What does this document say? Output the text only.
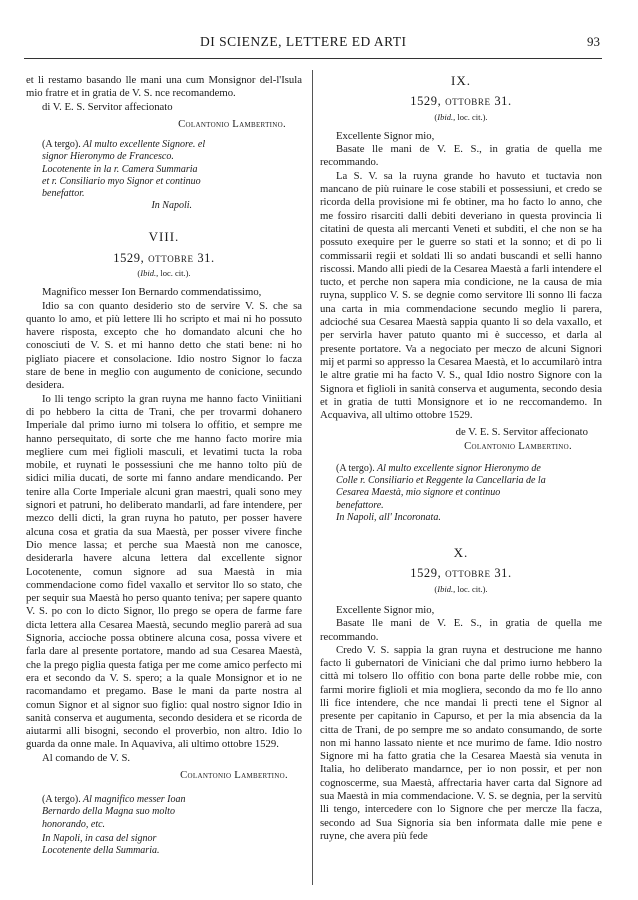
DI SCIENZE, LETTERE ED ARTI	93

et li restamo basando lle mani una cum Monsignor del-l'Isula mio fratre et in gratia de V. S. nce recomandemo.

di V. E. S. Servitor affecionato

Colantonio Lambertino.

(A tergo). Al multo excellente Signore. el signor Hieronymo de Francesco. Locotenente in la r. Camera Summaria et r. Consiliario myo Signor et continuo benefattor.
In Napoli.
VIII.
1529, ottobre 31.
(Ibid., loc. cit.).

Magnifico messer Ion Bernardo commendatissimo,

Idio sa con quanto desiderio sto de servire V. S. che sa quanto lo amo, et più lettere lli ho scripto et mai ni ho possuto havere risposta, excepto che ho domandato alcuni che ho conosciuti de V. S. et mi hanno detto che stati bene: ni ho pigliato piacere et consolacione. Idio nostro Signor lo facza stare de bene in meglio con augumento de conicione, secundo desidera.

Io lli tengo scripto la gran ruyna me hanno facto Viniitiani di po hebbero la citta de Trani, che per trovarmi dohanero Imperiale dal primo iurno mi tolsera lo offitio, et sempre me hanno persequitato, di sorte che me hanno facto morire mia megliere cum mei figlioli masculi, et levatimi tucta la roba mobile, et ruynati le possessiuni che me hanno tolto più de sidici milia ducati, de sorte mi fanno andare mendicando. Per tenire alla Corte Imperiale alcuni gran maestri, quali sono mey signori et patruni, ho deliberato mandarli, ad fare intendere, per mezco delli dicti, la gran ruyna ho patuto, per posser havere alcuna cosa et gratia da sua Maestà, per posser vivere finche Dio mence lassa; et perche sua Maestà non me canosce, desiderarla havere alcuna lettera dal excellente signor Locotenente, comun signore ad sua Maestà in mia commendacione como fidel vaxallo et servitor llo so stato, che per sequir sua Maestà ho perso quanto teniva; per sapere quanto V. S. po con lo dicto Signor, llo prego se opera de farme fare dicta lettera alla Cesarea Maestà, secundo meglio parerà ad sua Signoria, accioche possa obtinere alcuna cosa, possa vivere et farla dare al presente portatore, mando ad sua Cesarea Maestà, che la prego piglia questa fatiga per me come amico perfecto mi era et secondo da V. S. spero; a la quale Monsignor et io ne racomandamo et pregamo. Base le mani da parte nostra al comun Signor et al signor suo figlio: qual nostro signor Idio in sanità conserva et augumenta, secondo desidera et se ricorda de aiutarmi alli bisogni, secondo el proverbio, non altro. Idio lo guarda da onne male. In Aquaviva, ali ultimo ottobre 1529.

Al comando de V. S.

Colantonio Lambertino.

(A tergo). Al magnifico messer Ioan Bernardo della Magna suo molto honorando, etc.
In Napoli, in casa del signor Locotenente della Summaria.
IX.
1529, ottobre 31.
(Ibid., loc. cit.).

Excellente Signor mio,

Basate lle mani de V. E. S., in gratia de quella me recommando.

La S. V. sa la ruyna grande ho havuto et tuctavia non mancano de più ruinare le cose stabili et possessiuni, et credo se ricorda della provisione mi fe obtiner, ma ho facto lo anno, che me fossiro risarciti dalli debiti deveriano in questa provincia li citatini de questa ali mercanti Veneti et subditi, el che non se ha possuto exequire per le guerre so stati et la sonno; et di po li commissarii regii et soldati lli so andati buscandi et selli hanno riscossi. Mando alli piedi de la Cesarea Maestà a farli intendere el tucto, et perche non sapera mia condicione, ne la causa de mia ruyna, supplico V. S. se degnie como servitore lli sonno lli facza una carta in mia commendacione secundo meglio li parera, adcioché sua Cesarea Maestà sappia quanto li so dela vaxallo, et per servirla haver patuto quanto mi è successo, et darla al presente portatore. Va a negociato per meczo de alcuni Signori mij et parmi so appresso la Cesarea Maestà, et lo accumilarò intra le altre gratie mi ha facto V. S., qual Idio nostro Signore con la Signora et figlioli in sanità conserva et augumenta, secondo desia et in gratia de tutti Monsignore et io ne reccomandemo. In Acquaviva, all ultimo ottobre 1529.

de V. E. S. Servitor affecionato

Colantonio Lambertino.

(A tergo). Al multo excellente signor Hieronymo de Colle r. Consiliario et Reggente la Cancellaria de la Cesarea Maestà, mio signore et continuo benefattore.
In Napoli, all' Incoronata.
X.
1529, ottobre 31.
(Ibid., loc. cit.).

Excellente Signor mio,

Basate lle mani de V. E. S., in gratia de quella me recommando.

Credo V. S. sappia la gran ruyna et destrucione me hanno facto li gubernatori de Viniciani che dal primo iurno hebbero la città mi tolsero llo offitio con bona parte delle robbe mie, con farmi morire figlioli et mia mogliera, secondo da mo fe llo anno lli fice intendere, che nce mandai li precti tene el Signor al presente per capitanio in Capurso, et per la mia absencia da la citta de Trani, de po sempre me so andato consumando, de sorte non mi hanno lassato niente et nce murimo de fame. Idio nostro Signore mi ha fatto gratia che la Cesarea Maestà sia venuta in Italia, ho deliberato mandarnce, per io non possir, et per non cognoscerme, sua Maestà, affrectaria haver carta dal Signore ad sua Maestà in mia commendacione. V. S. se degnia, per la servitù lli tengo, intercedere con lo Signore che per mercze lla facza, secondo ad Sua Signoria sia ben informata dalle mie pene e ruyne, che avera più fede
